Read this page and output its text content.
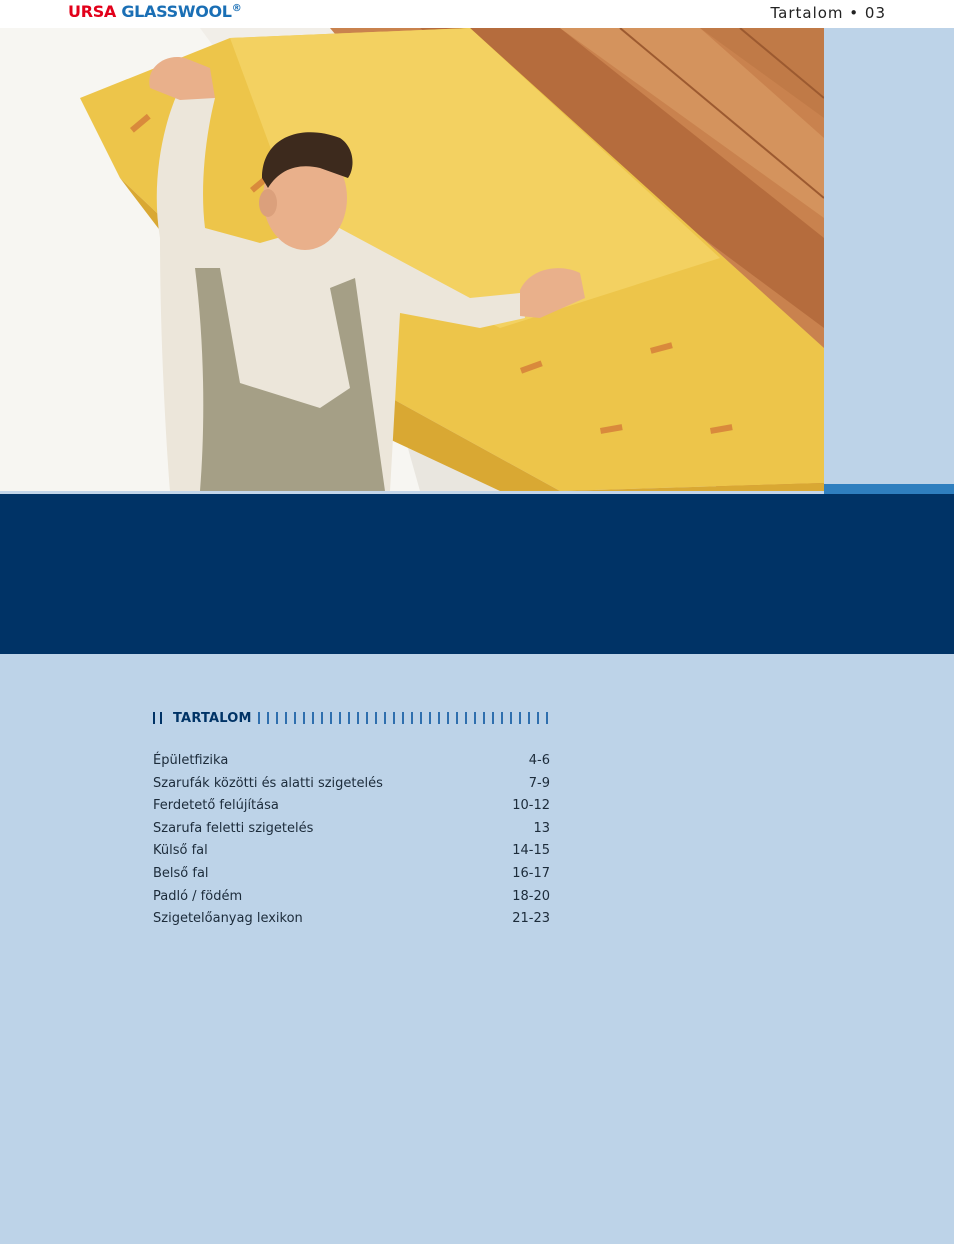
URSA GLASSWOOL®	Tartalom • 03
TARTALOM
Épületfizika	4-6
Szarufák közötti és alatti szigetelés	7-9
Ferdetető felújítása	10-12
Szarufa feletti szigetelés	13
Külső fal	14-15
Belső fal	16-17
Padló / födém	18-20
Szigetelőanyag lexikon	21-23
